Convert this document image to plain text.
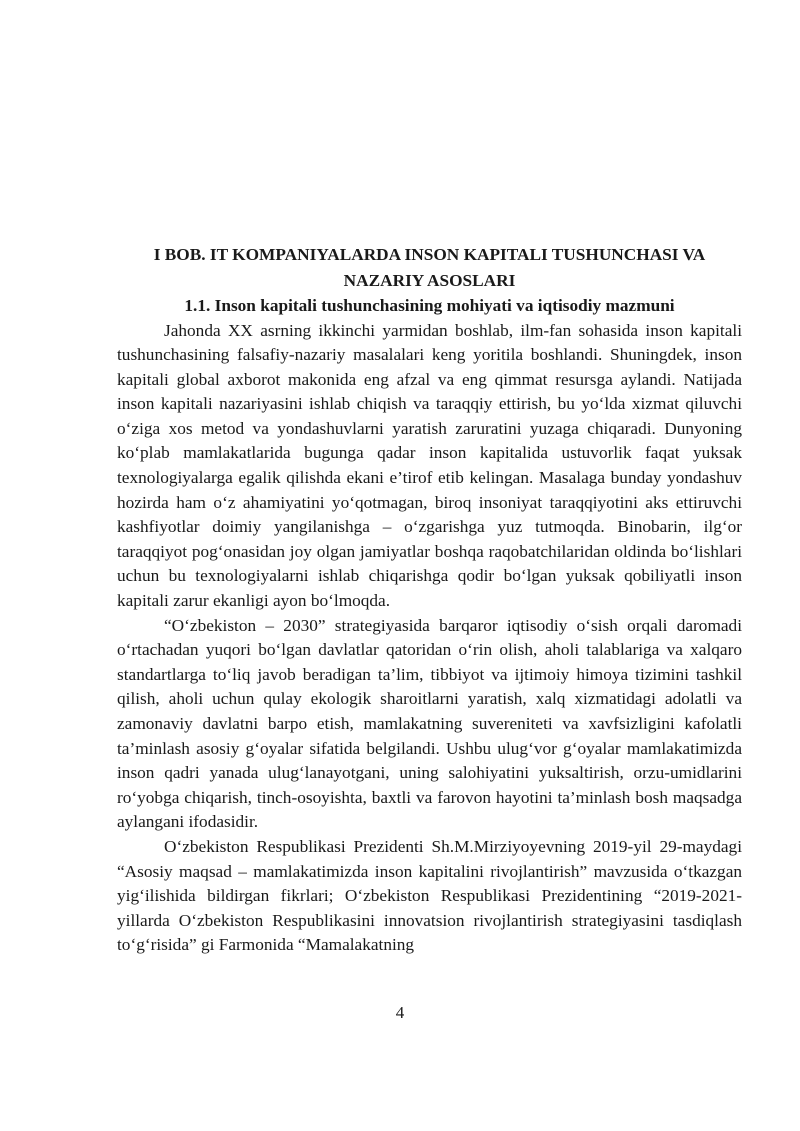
I BOB. IT KOMPANIYALARDA INSON KAPITALI TUSHUNCHASI VA NAZARIY ASOSLARI
1.1. Inson kapitali tushunchasining mohiyati va iqtisodiy mazmuni

Jahonda XX asrning ikkinchi yarmidan boshlab, ilm-fan sohasida inson kapitali tushunchasining falsafiy-nazariy masalalari keng yoritila boshlandi. Shuningdek, inson kapitali global axborot makonida eng afzal va eng qimmat resursga aylandi. Natijada inson kapitali nazariyasini ishlab chiqish va taraqqiy ettirish, bu yo‘lda xizmat qiluvchi o‘ziga xos metod va yondashuvlarni yaratish zaruratini yuzaga chiqaradi. Dunyoning ko‘plab mamlakatlarida bugunga qadar inson kapitalida ustuvorlik faqat yuksak texnologiyalarga egalik qilishda ekani e’tirof etib kelingan. Masalaga bunday yondashuv hozirda ham o‘z ahamiyatini yo‘qotmagan, biroq insoniyat taraqqiyotini aks ettiruvchi kashfiyotlar doimiy yangilanishga – o‘zgarishga yuz tutmoqda. Binobarin, ilg‘or taraqqiyot pog‘onasidan joy olgan jamiyatlar boshqa raqobatchilaridan oldinda bo‘lishlari uchun bu texnologiyalarni ishlab chiqarishga qodir bo‘lgan yuksak qobiliyatli inson kapitali zarur ekanligi ayon bo‘lmoqda.

“O‘zbekiston – 2030” strategiyasida barqaror iqtisodiy o‘sish orqali daromadi o‘rtachadan yuqori bo‘lgan davlatlar qatoridan o‘rin olish, aholi talablariga va xalqaro standartlarga to‘liq javob beradigan ta’lim, tibbiyot va ijtimoiy himoya tizimini tashkil qilish, aholi uchun qulay ekologik sharoitlarni yaratish, xalq xizmatidagi adolatli va zamonaviy davlatni barpo etish, mamlakatning suvereniteti va xavfsizligini kafolatli ta’minlash asosiy g‘oyalar sifatida belgilandi. Ushbu ulug‘vor g‘oyalar mamlakatimizda inson qadri yanada ulug‘lanayotgani, uning salohiyatini yuksaltirish, orzu-umidlarini ro‘yobga chiqarish, tinch-osoyishta, baxtli va farovon hayotini ta’minlash bosh maqsadga aylangani ifodasidir.

O‘zbekiston Respublikasi Prezidenti Sh.M.Mirziyoyevning 2019-yil 29-maydagi “Asosiy maqsad – mamlakatimizda inson kapitalini rivojlantirish” mavzusida o‘tkazgan yig‘ilishida bildirgan fikrlari; O‘zbekiston Respublikasi Prezidentining “2019-2021-yillarda O‘zbekiston Respublikasini innovatsion rivojlantirish strategiyasini tasdiqlash to‘g‘risida” gi Farmonida “Mamalakatning

4
